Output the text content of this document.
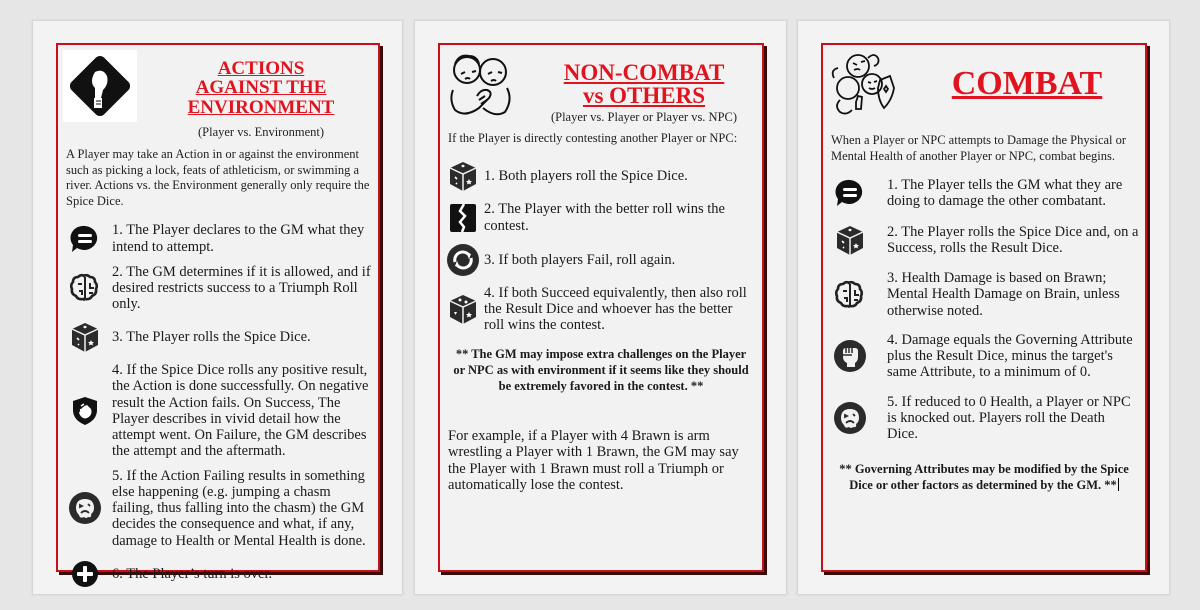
ACTIONS
AGAINST THE
ENVIRONMENT
(Player vs. Environment)
A Player may take an Action in or against the environment such as picking a lock, feats of athleticism, or swimming a river. Actions vs. the Environment generally only require the Spice Dice.
1. The Player declares to the GM what they intend to attempt.
2. The GM determines if it is allowed, and if desired restricts success to a Triumph Roll only.
3. The Player rolls the Spice Dice.
4. If the Spice Dice rolls any positive result, the Action is done successfully. On negative result the Action fails. On Success, The Player describes in vivid detail how the attempt went. On Failure, the GM describes the attempt and the aftermath.
5. If the Action Failing results in something else happening (e.g. jumping a chasm failing, thus falling into the chasm) the GM decides the consequence and what, if any, damage to Health or Mental Health is done.
6. The Player’s turn is over.
NON-COMBAT
vs OTHERS
(Player vs. Player or Player vs. NPC)
If the Player is directly contesting another Player or NPC:
1. Both players roll the Spice Dice.
2. The Player with the better roll wins the contest.
3. If both players Fail, roll again.
4. If both Succeed equivalently, then also roll the Result Dice and whoever has the better roll wins the contest.
** The GM may impose extra challenges on the Player or NPC as with environment if it seems like they should be extremely favored in the contest. **
For example, if a Player with 4 Brawn is arm wrestling a Player with 1 Brawn, the GM may say the Player with 1 Brawn must roll a Triumph or automatically lose the contest.
COMBAT
When a Player or NPC attempts to Damage the Physical or Mental Health of another Player or NPC, combat begins.
1. The Player tells the GM what they are doing to damage the other combatant.
2. The Player rolls the Spice Dice and, on a Success, rolls the Result Dice.
3. Health Damage is based on Brawn; Mental Health Damage on Brain, unless otherwise noted.
4. Damage equals the Governing Attribute plus the Result Dice, minus the target's same Attribute, to a minimum of 0.
5. If reduced to 0 Health, a Player or NPC is knocked out. Players roll the Death Dice.
** Governing Attributes may be modified by the Spice Dice or other factors as determined by the GM. **
